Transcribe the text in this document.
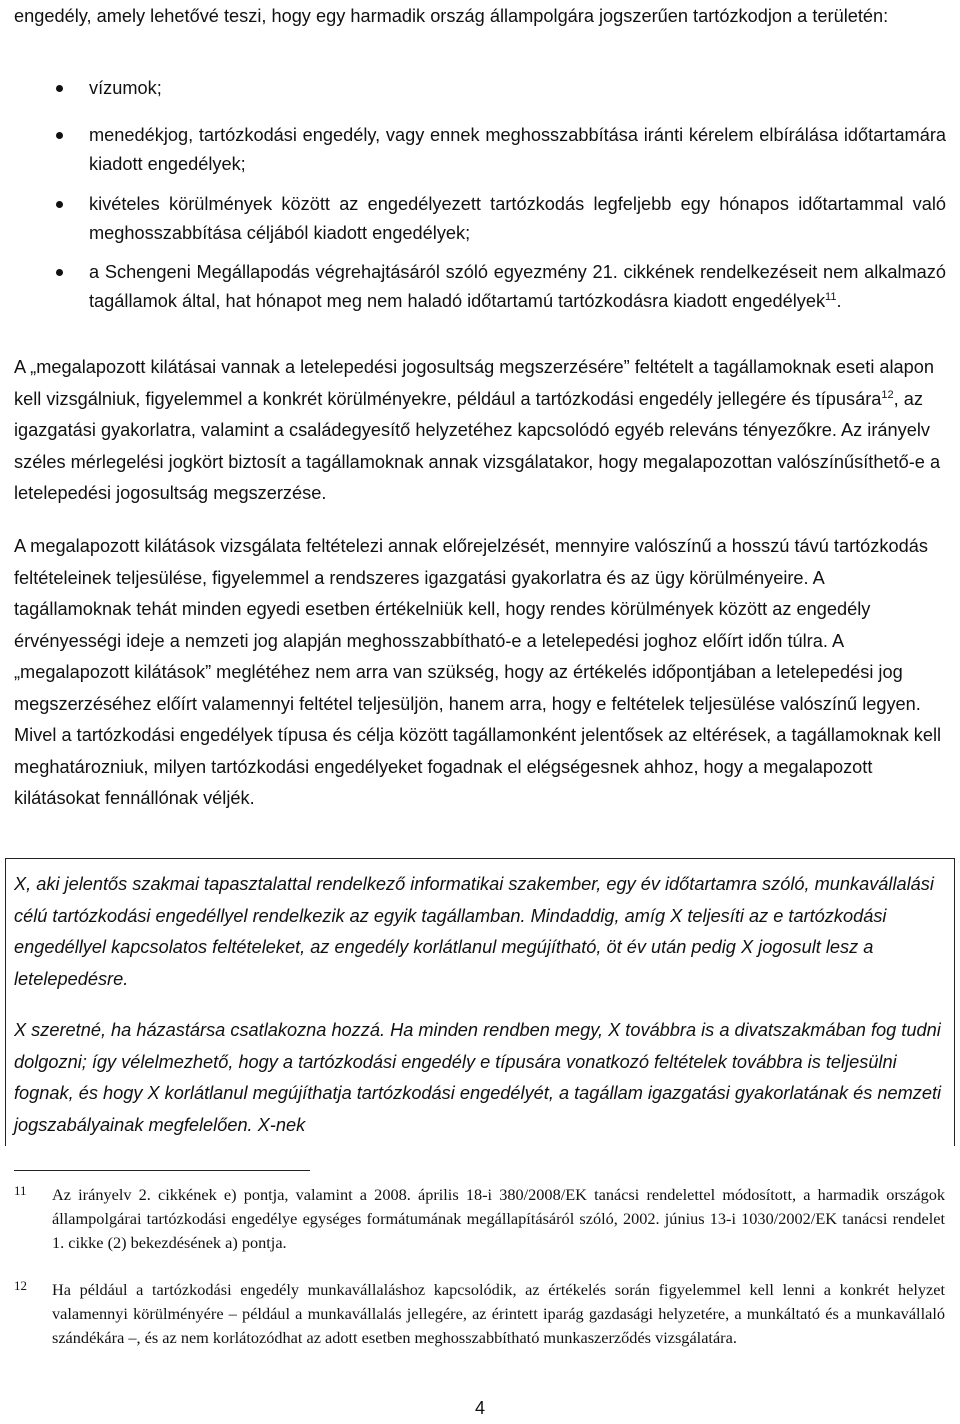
engedély, amely lehetővé teszi, hogy egy harmadik ország állampolgára jogszerűen tartózkodjon a területén:

vízumok;

menedékjog, tartózkodási engedély, vagy ennek meghosszabbítása iránti kérelem elbírálása időtartamára kiadott engedélyek;

kivételes körülmények között az engedélyezett tartózkodás legfeljebb egy hónapos időtartammal való meghosszabbítása céljából kiadott engedélyek;

a Schengeni Megállapodás végrehajtásáról szóló egyezmény 21. cikkének rendelkezéseit nem alkalmazó tagállamok által, hat hónapot meg nem haladó időtartamú tartózkodásra kiadott engedélyek$^{11}$.

A „megalapozott kilátásai vannak a letelepedési jogosultság megszerzésére” feltételt a tagállamoknak eseti alapon kell vizsgálniuk, figyelemmel a konkrét körülményekre, például a tartózkodási engedély jellegére és típusára$^{12}$, az igazgatási gyakorlatra, valamint a családegyesítő helyzetéhez kapcsolódó egyéb releváns tényezőkre. Az irányelv széles mérlegelési jogkört biztosít a tagállamoknak annak vizsgálatakor, hogy megalapozottan valószínűsíthető-e a letelepedési jogosultság megszerzése.

A megalapozott kilátások vizsgálata feltételezi annak előrejelzését, mennyire valószínű a hosszú távú tartózkodás feltételeinek teljesülése, figyelemmel a rendszeres igazgatási gyakorlatra és az ügy körülményeire. A tagállamoknak tehát minden egyedi esetben értékelniük kell, hogy rendes körülmények között az engedély érvényességi ideje a nemzeti jog alapján meghosszabbítható-e a letelepedési joghoz előírt időn túlra. A „megalapozott kilátások” meglétéhez nem arra van szükség, hogy az értékelés időpontjában a letelepedési jog megszerzéséhez előírt valamennyi feltétel teljesüljön, hanem arra, hogy e feltételek teljesülése valószínű legyen. Mivel a tartózkodási engedélyek típusa és célja között tagállamonként jelentősek az eltérések, a tagállamoknak kell meghatározniuk, milyen tartózkodási engedélyeket fogadnak el elégségesnek ahhoz, hogy a megalapozott kilátásokat fennállónak véljék.

X, aki jelentős szakmai tapasztalattal rendelkező informatikai szakember, egy év időtartamra szóló, munkavállalási célú tartózkodási engedéllyel rendelkezik az egyik tagállamban. Mindaddig, amíg X teljesíti az e tartózkodási engedéllyel kapcsolatos feltételeket, az engedély korlátlanul megújítható, öt év után pedig X jogosult lesz a letelepedésre.

X szeretné, ha házastársa csatlakozna hozzá. Ha minden rendben megy, X továbbra is a divatszakmában fog tudni dolgozni; így vélelmezhető, hogy a tartózkodási engedély e típusára vonatkozó feltételek továbbra is teljesülni fognak, és hogy X korlátlanul megújíthatja tartózkodási engedélyét, a tagállam igazgatási gyakorlatának és nemzeti jogszabályainak megfelelően. X-nek

11 Az irányelv 2. cikkének e) pontja, valamint a 2008. április 18-i 380/2008/EK tanácsi rendelettel módosított, a harmadik országok állampolgárai tartózkodási engedélye egységes formátumának megállapításáról szóló, 2002. június 13-i 1030/2002/EK tanácsi rendelet 1. cikke (2) bekezdésének a) pontja.

12 Ha például a tartózkodási engedély munkavállaláshoz kapcsolódik, az értékelés során figyelemmel kell lenni a konkrét helyzet valamennyi körülményére – például a munkavállalás jellegére, az érintett iparág gazdasági helyzetére, a munkáltató és a munkavállaló szándékára –, és az nem korlátozódhat az adott esetben meghosszabbítható munkaszerződés vizsgálatára.

4
